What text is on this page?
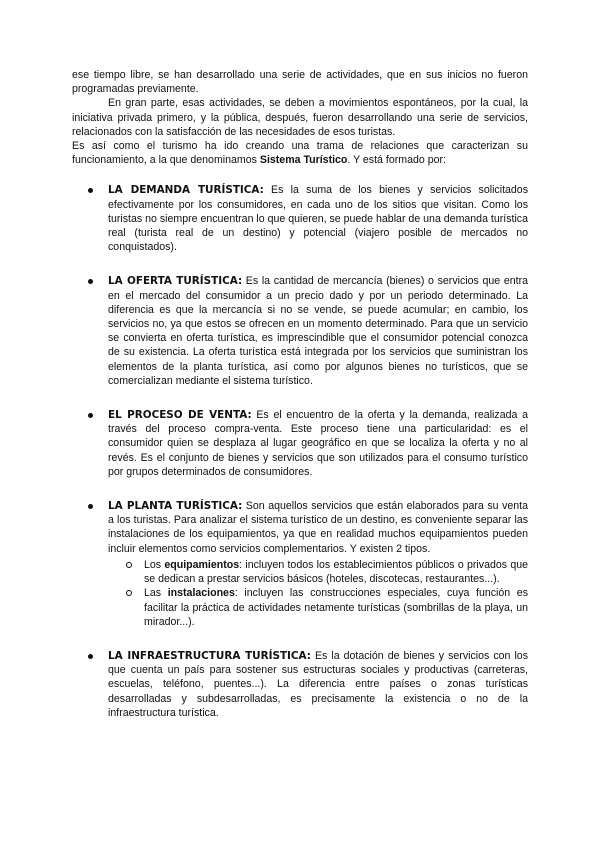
ese tiempo libre, se han desarrollado una serie de actividades, que en sus inicios no fueron programadas previamente.

En gran parte, esas actividades, se deben a movimientos espontáneos, por la cual, la iniciativa privada primero, y la pública, después, fueron desarrollando una serie de servicios, relacionados con la satisfacción de las necesidades de esos turistas.

Es así como el turismo ha ido creando una trama de relaciones que caracterizan su funcionamiento, a la que denominamos Sistema Turístico. Y está formado por:

LA DEMANDA TURÍSTICA: Es la suma de los bienes y servicios solicitados efectivamente por los consumidores, en cada uno de los sitios que visitan. Como los turistas no siempre encuentran lo que quieren, se puede hablar de una demanda turística real (turista real de un destino) y potencial (viajero posible de mercados no conquistados).
LA OFERTA TURÍSTICA: Es la cantidad de mercancía (bienes) o servicios que entra en el mercado del consumidor a un precio dado y por un periodo determinado. La diferencia es que la mercancía si no se vende, se puede acumular; en cambio, los servicios no, ya que estos se ofrecen en un momento determinado. Para que un servicio se convierta en oferta turística, es imprescindible que el consumidor potencial conozca de su existencia. La oferta turística está integrada por los servicios que suministran los elementos de la planta turística, así como por algunos bienes no turísticos, que se comercializan mediante el sistema turístico.
EL PROCESO DE VENTA: Es el encuentro de la oferta y la demanda, realizada a través del proceso compra-venta. Este proceso tiene una particularidad: es el consumidor quien se desplaza al lugar geográfico en que se localiza la oferta y no al revés. Es el conjunto de bienes y servicios que son utilizados para el consumo turístico por grupos determinados de consumidores.
LA PLANTA TURÍSTICA: Son aquellos servicios que están elaborados para su venta a los turistas. Para analizar el sistema turístico de un destino, es conveniente separar las instalaciones de los equipamientos, ya que en realidad muchos equipamientos pueden incluir elementos como servicios complementarios. Y existen 2 tipos.
Los equipamientos: incluyen todos los establecimientos públicos o privados que se dedican a prestar servicios básicos (hoteles, discotecas, restaurantes...).
Las instalaciones: incluyen las construcciones especiales, cuya función es facilitar la práctica de actividades netamente turísticas (sombrillas de la playa, un mirador...).
LA INFRAESTRUCTURA TURÍSTICA: Es la dotación de bienes y servicios con los que cuenta un país para sostener sus estructuras sociales y productivas (carreteras, escuelas, teléfono, puentes...). La diferencia entre países o zonas turísticas desarrolladas y subdesarrolladas, es precisamente la existencia o no de la infraestructura turística.
